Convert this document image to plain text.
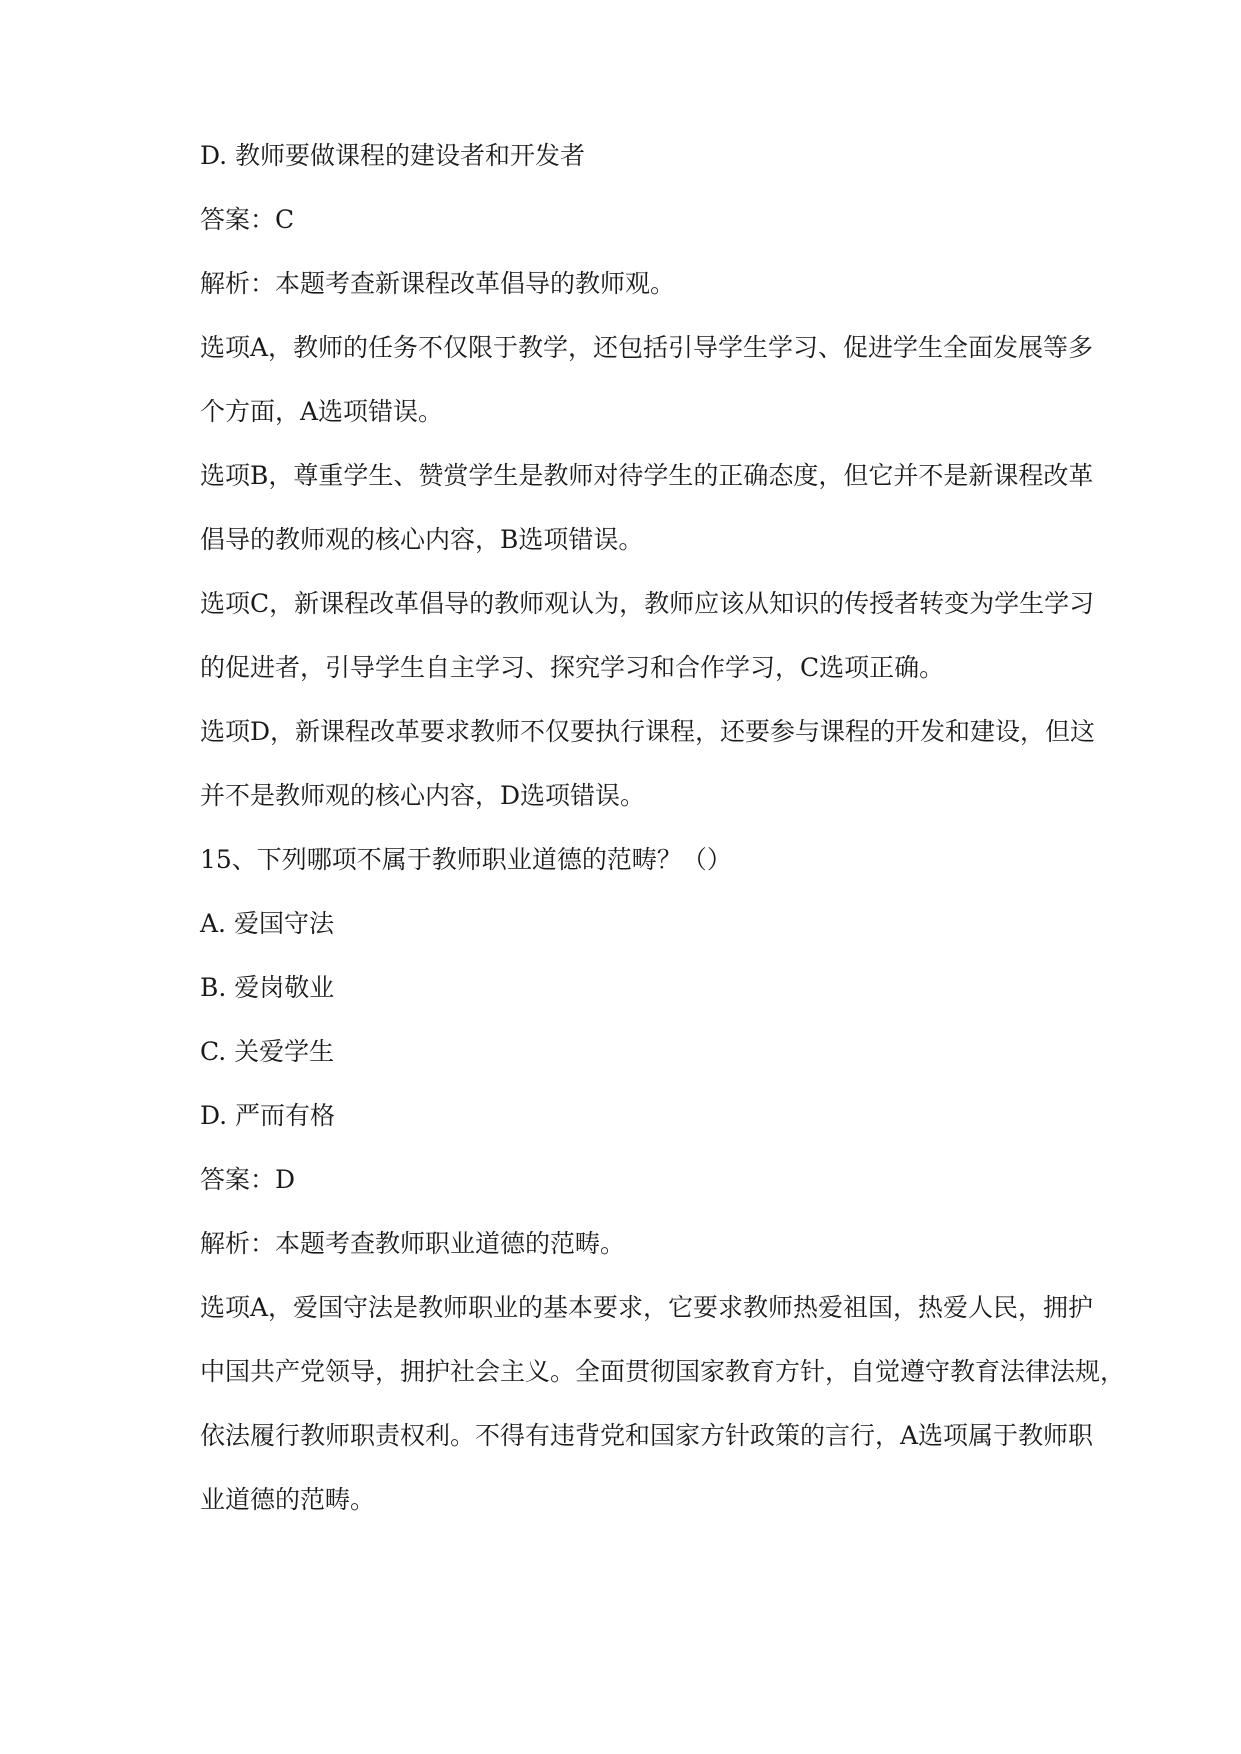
D. 教师要做课程的建设者和开发者
答案：C
解析：本题考查新课程改革倡导的教师观。
选项A，教师的任务不仅限于教学，还包括引导学生学习、促进学生全面发展等多
个方面，A选项错误。
选项B，尊重学生、赞赏学生是教师对待学生的正确态度，但它并不是新课程改革
倡导的教师观的核心内容，B选项错误。
选项C，新课程改革倡导的教师观认为，教师应该从知识的传授者转变为学生学习
的促进者，引导学生自主学习、探究学习和合作学习，C选项正确。
选项D，新课程改革要求教师不仅要执行课程，还要参与课程的开发和建设，但这
并不是教师观的核心内容，D选项错误。
15、下列哪项不属于教师职业道德的范畴？（）
A. 爱国守法
B. 爱岗敬业
C. 关爱学生
D. 严而有格
答案：D
解析：本题考查教师职业道德的范畴。
选项A，爱国守法是教师职业的基本要求，它要求教师热爱祖国，热爱人民，拥护
中国共产党领导，拥护社会主义。全面贯彻国家教育方针，自觉遵守教育法律法规，
依法履行教师职责权利。不得有违背党和国家方针政策的言行，A选项属于教师职
业道德的范畴。
